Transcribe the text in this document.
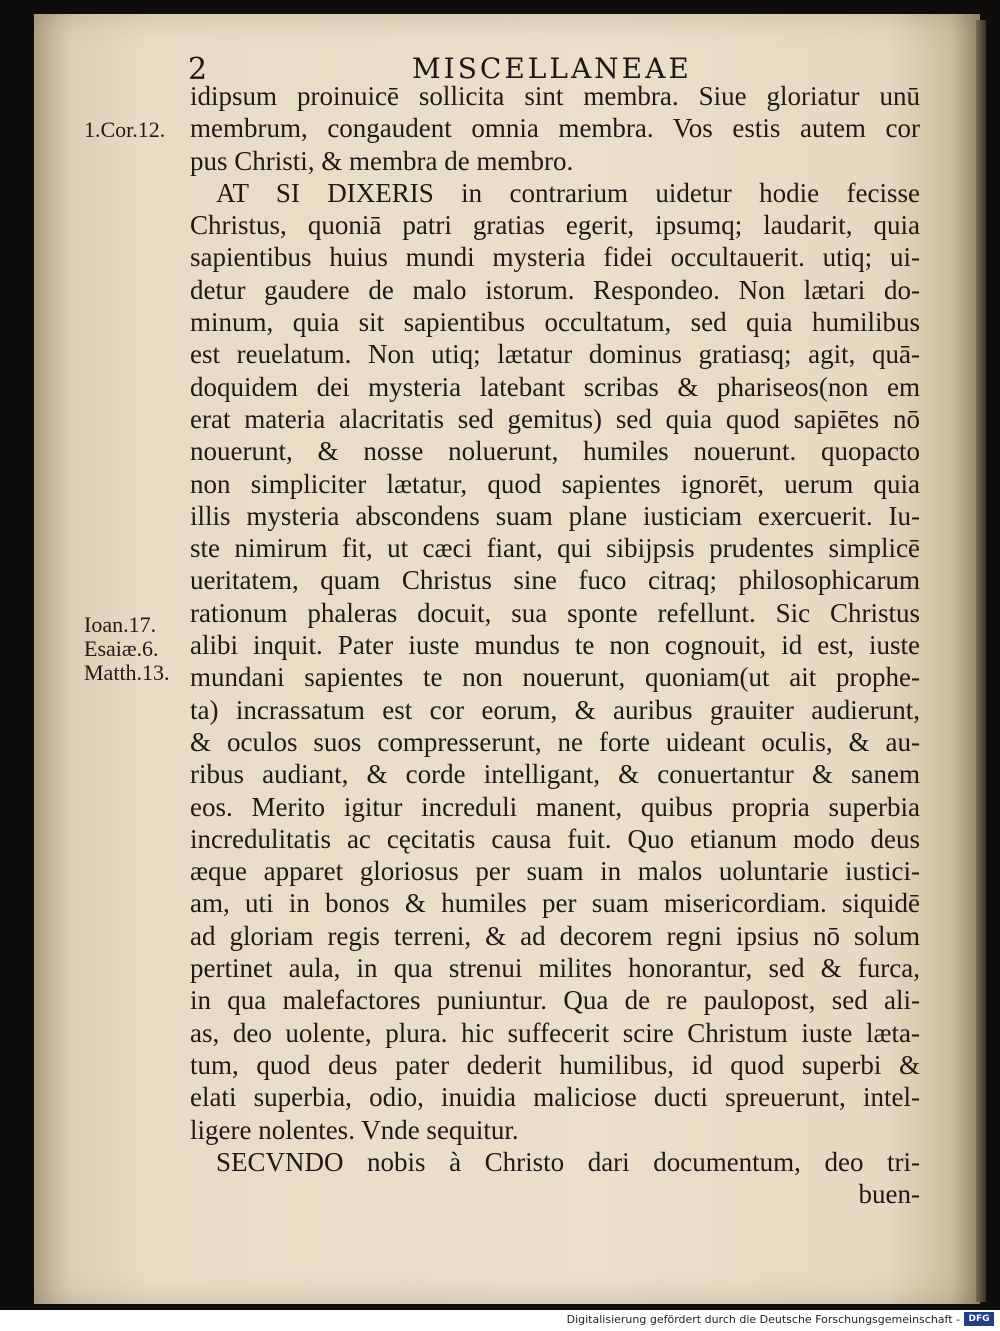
2	MISCELLANEAE
1.Cor.12.
Ioan.17.
Esaiæ.6.
Matth.13.
idipsum proinuicē sollicita sint membra. Siue gloriatur unū
membrum, congaudent omnia membra. Vos estis autem cor
pus Christi, & membra de membro.
AT SI DIXERIS in contrarium uidetur hodie fecisse
Christus, quoniā patri gratias egerit, ipsumq; laudarit, quia
sapientibus huius mundi mysteria fidei occultauerit. utiq; ui-
detur gaudere de malo istorum. Respondeo. Non lætari do-
minum, quia sit sapientibus occultatum, sed quia humilibus
est reuelatum. Non utiq; lætatur dominus gratiasq; agit, quā-
doquidem dei mysteria latebant scribas & phariseos(non em
erat materia alacritatis sed gemitus) sed quia quod sapiētes nō
nouerunt, & nosse noluerunt, humiles nouerunt. quopacto
non simpliciter lætatur, quod sapientes ignorēt, uerum quia
illis mysteria abscondens suam plane iusticiam exercuerit. Iu-
ste nimirum fit, ut cæci fiant, qui sibijpsis prudentes simplicē
ueritatem, quam Christus sine fuco citraq; philosophicarum
rationum phaleras docuit, sua sponte refellunt. Sic Christus
alibi inquit. Pater iuste mundus te non cognouit, id est, iuste
mundani sapientes te non nouerunt, quoniam(ut ait prophe-
ta) incrassatum est cor eorum, & auribus grauiter audierunt,
& oculos suos compresserunt, ne forte uideant oculis, & au-
ribus audiant, & corde intelligant, & conuertantur & sanem
eos. Merito igitur increduli manent, quibus propria superbia
incredulitatis ac cęcitatis causa fuit. Quo etianum modo deus
æque apparet gloriosus per suam in malos uoluntarie iustici-
am, uti in bonos & humiles per suam misericordiam. siquidē
ad gloriam regis terreni, & ad decorem regni ipsius nō solum
pertinet aula, in qua strenui milites honorantur, sed & furca,
in qua malefactores puniuntur. Qua de re paulopost, sed ali-
as, deo uolente, plura. hic suffecerit scire Christum iuste læta-
tum, quod deus pater dederit humilibus, id quod superbi &
elati superbia, odio, inuidia maliciose ducti spreuerunt, intel-
ligere nolentes. Vnde sequitur.
SECVNDO nobis à Christo dari documentum, deo tri-
buen-
Digitalisierung gefördert durch die Deutsche Forschungsgemeinschaft - DFG
